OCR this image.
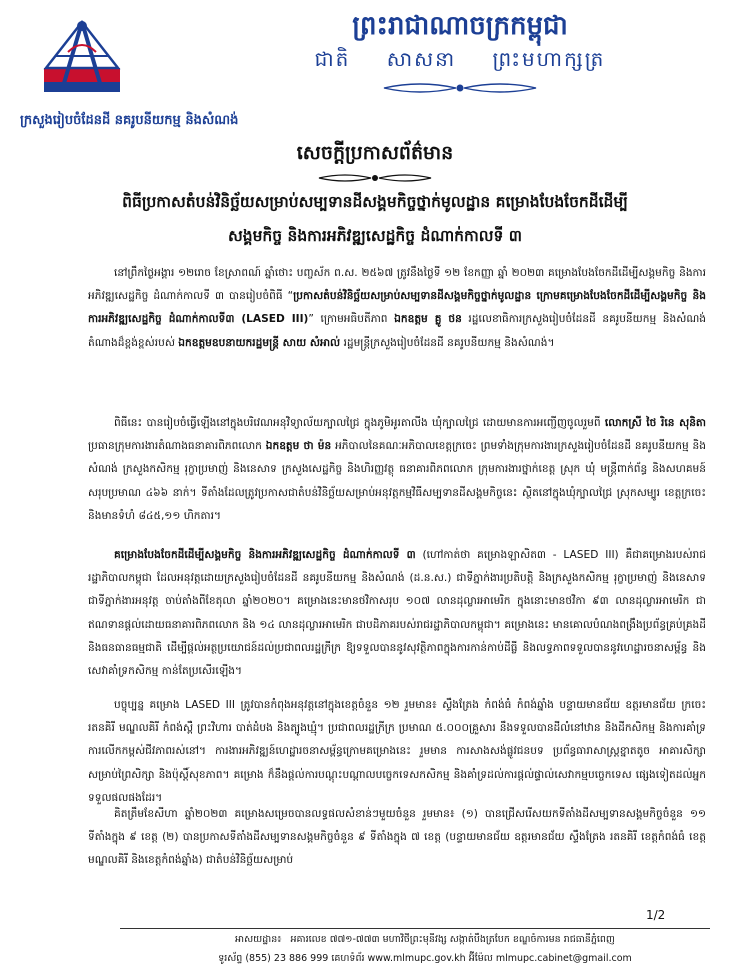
ព្រះរាជាណាចក្រកម្ពុជា
ជាតិ សាសនា ព្រះមហាក្សត្រ
ក្រសួងរៀបចំដែនដី នគរូបនីយកម្ម និងសំណង់
សេចក្តីប្រកាសព័ត៌មាន
ពិធីប្រកាសតំបន់វិនិច្ឆ័យសម្រាប់សម្បទានដីសង្គមកិច្ចថ្នាក់មូលដ្ឋាន គម្រោងបែងចែកដីដើម្បី
សង្គមកិច្ច និងការអភិវឌ្ឍសេដ្ឋកិច្ច ដំណាក់កាលទី ៣

នៅព្រឹកថ្ងៃអង្គារ ១២រោច ខែស្រាពណ៍ ឆ្នាំថោះ បញ្ចស័ក ព.ស. ២៥៦៧ ត្រូវនឹងថ្ងៃទី ១២ ខែកញ្ញា ឆ្នាំ ២០២៣ គម្រោងបែងចែកដីដើម្បីសង្គមកិច្ច និងការអភិវឌ្ឍសេដ្ឋកិច្ច ដំណាក់កាលទី ៣ បានរៀបចំពិធី “ប្រកាសតំបន់វិនិច្ឆ័យសម្រាប់សម្បទានដីសង្គមកិច្ចថ្នាក់មូលដ្ឋាន ក្រោមគម្រោងបែងចែកដីដើម្បីសង្គមកិច្ច និងការអភិវឌ្ឍសេដ្ឋកិច្ច ដំណាក់កាលទី៣ (LASED III)” ក្រោមអធិបតីភាព ឯកឧត្តម គ្លូ ថន រដ្ឋលេខាធិការក្រសួងរៀបចំដែនដី នគរូបនីយកម្ម និងសំណង់ តំណាងដ៏ខ្ពង់ខ្ពស់របស់ ឯកឧត្តមឧបនាយករដ្ឋមន្ត្រី សាយ សំអាល់ រដ្ឋមន្ត្រីក្រសួងរៀបចំដែនដី នគរូបនីយកម្ម និងសំណង់។

ពិធីនេះ បានរៀបចំធ្វើឡើងនៅក្នុងបរិវេណអនុវិទ្យាល័យក្បាលជ្រៃ ក្នុងភូមិអូរតាលីង ឃុំក្បាលជ្រៃ ដោយមានការអញ្ជើញចូលរួមពី លោកស្រី ថៃ រិនេ សុនិតា ប្រធានក្រុមការងារតំណាងធនាគារពិភពលោក ឯកឧត្តម ថា ម៉ន អភិបាលនៃគណៈអភិបាលខេត្តក្រចេះ ព្រមទាំងក្រុមការងារក្រសួងរៀបចំដែនដី នគរូបនីយកម្ម និងសំណង់ ក្រសួងកសិកម្ម រុក្ខាប្រមាញ់ និងនេសាទ ក្រសួងសេដ្ឋកិច្ច និងហិរញ្ញវត្ថុ ធនាគារពិភពលោក ក្រុមការងារថ្នាក់ខេត្ត ស្រុក ឃុំ មន្ត្រីពាក់ព័ន្ធ និងសហគមន៍ សរុបប្រមាណ ៤៦៦ នាក់។ ទីតាំងដែលត្រូវប្រកាសជាតំបន់វិនិច្ឆ័យសម្រាប់អនុវត្តកម្មវិធីសម្បទានដីសង្គមកិច្ចនេះ ស្ថិតនៅក្នុងឃុំក្បាលជ្រៃ ស្រុកសម្បូរ ខេត្តក្រចេះ និងមានទំហំ ៨៤៥,១១ ហិកតារ។

គម្រោងបែងចែកដីដើម្បីសង្គមកិច្ច និងការអភិវឌ្ឍសេដ្ឋកិច្ច ដំណាក់កាលទី ៣ (ហៅកាត់ថា គម្រោងឡាសិត៣ - LASED III) គឺជាគម្រោងរបស់រាជរដ្ឋាភិបាលកម្ពុជា ដែលអនុវត្តដោយក្រសួងរៀបចំដែនដី នគរូបនីយកម្ម និងសំណង់ (ដ.ន.ស.) ជាទីភ្នាក់ងារប្រតិបត្តិ និងក្រសួងកសិកម្ម រុក្ខាប្រមាញ់ និងនេសាទ ជាទីភ្នាក់ងារអនុវត្ត ចាប់តាំងពីខែតុលា ឆ្នាំ២០២០។ គម្រោងនេះមានថវិកាសរុប ១០៧ លានដុល្លារអាមេរិក ក្នុងនោះមានថវិកា ៩៣ លានដុល្លារអាមេរិក ជាឥណទានផ្តល់ដោយធនាគារពិភពលោក និង ១៤ លានដុល្លារអាមេរិក ជាបដិភាគរបស់រាជរដ្ឋាភិបាលកម្ពុជា។ គម្រោងនេះ មានគោលបំណងពង្រឹងប្រព័ន្ធគ្រប់គ្រងដី និងធនធានធម្មជាតិ ដើម្បីផ្តល់អត្ថប្រយោជន៍ដល់ប្រជាពលរដ្ឋក្រីក្រ ឱ្យទទួលបាននូវសុវត្ថិភាពក្នុងការកាន់កាប់ដីធ្លី និងលទ្ធភាពទទួលបាននូវហេដ្ឋារចនាសម្ព័ន្ធ និងសេវាគាំទ្រកសិកម្ម កាន់តែប្រសើរឡើង។

បច្ចុប្បន្ន គម្រោង LASED III ត្រូវបានកំពុងអនុវត្តនៅក្នុងខេត្តចំនួន ១២ រួមមាន៖ ស្ទឹងត្រែង កំពង់ធំ កំពង់ឆ្នាំង បន្ទាយមានជ័យ ឧត្តរមានជ័យ ក្រចេះ រតនគិរី មណ្ឌលគិរី កំពង់ស្ពឺ ព្រះវិហារ បាត់ដំបង និងត្បូងឃ្មុំ។ ប្រជាពលរដ្ឋក្រីក្រ ប្រមាណ ៥.០០០គ្រួសារ នឹងទទួលបានដីលំនៅឋាន និងដីកសិកម្ម និងការគាំទ្រការលើកកម្ពស់ជីវភាពរស់នៅ។ ការងារអភិវឌ្ឍន៍ហេដ្ឋារចនាសម្ព័ន្ធក្រោមគម្រោងនេះ រួមមាន ការសាងសង់ផ្លូវជនបទ ប្រព័ន្ធធារាសាស្ត្រខ្នាតតូច អាគារសិក្សាសម្រាប់ព្រៃសិក្សា និងប៉ុស្តិ៍សុខភាព។ គម្រោង ក៏នឹងផ្តល់ការបណ្តុះបណ្តាលបច្ចេកទេសកសិកម្ម និងគាំទ្រដល់ការផ្តល់ផ្ទាល់សេវាកម្មបច្ចេកទេស ផ្សេងទៀតដល់អ្នកទទួលផលផងដែរ។

គិតត្រឹមខែសីហា ឆ្នាំ២០២៣ គម្រោងសម្រេចបានលទ្ធផលសំខាន់ៗមួយចំនួន រួមមាន៖ (១) បានជ្រើសរើសយកទីតាំងដីសម្បទានសង្គមកិច្ចចំនួន ១១ ទីតាំងក្នុង ៩ ខេត្ត (២) បានប្រកាសទីតាំងដីសម្បទានសង្គមកិច្ចចំនួន ៩ ទីតាំងក្នុង ៧ ខេត្ត (បន្ទាយមានជ័យ ឧត្តរមានជ័យ ស្ទឹងត្រែង រតនគិរី ខេត្តកំពង់ធំ ខេត្តមណ្ឌលគិរី និងខេត្តកំពង់ឆ្នាំង) ជាតំបន់វិនិច្ឆ័យសម្រាប់

1/2
អាសយដ្ឋាន៖ ​ ​ ​អគារលេខ ៧៧១-៧៧៣ មហាវិថីព្រះមុនីវង្ស សង្កាត់បឹងត្របែក ខណ្ឌចំការមន រាជធានីភ្នំពេញ
ទូរស័ព្ទ (855) 23 886 999 គេហទំព័រ www.mlmupc.gov.kh អ៊ីម៉ែល mlmupc.cabinet@gmail.com
